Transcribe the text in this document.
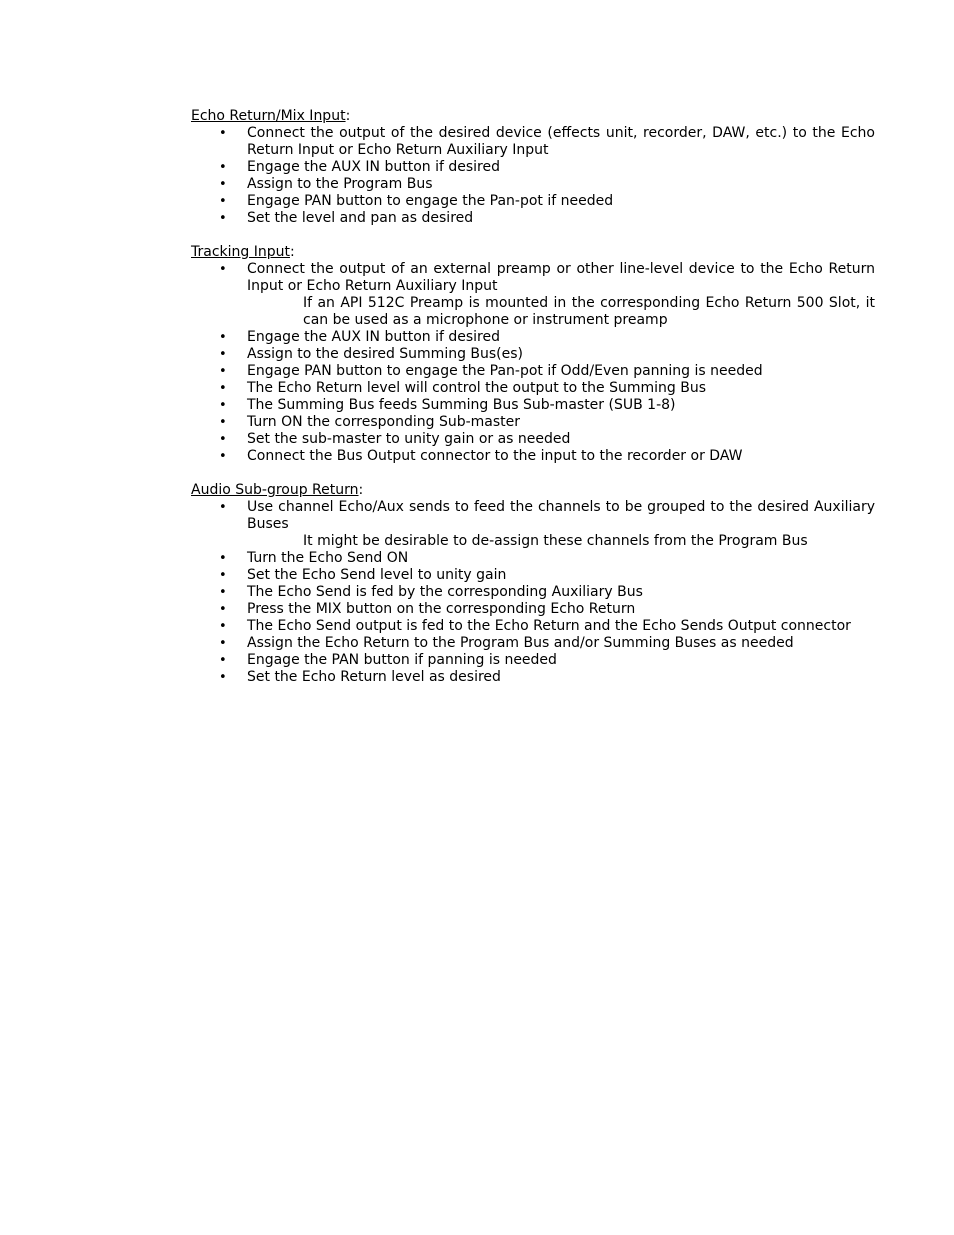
Echo Return/Mix Input:
• Connect the output of the desired device (effects unit, recorder, DAW, etc.) to the Echo Return Input or Echo Return Auxiliary Input
• Engage the AUX IN button if desired
• Assign to the Program Bus
• Engage PAN button to engage the Pan-pot if needed
• Set the level and pan as desired
Tracking Input:
• Connect the output of an external preamp or other line-level device to the Echo Return Input or Echo Return Auxiliary Input
If an API 512C Preamp is mounted in the corresponding Echo Return 500 Slot, it can be used as a microphone or instrument preamp
• Engage the AUX IN button if desired
• Assign to the desired Summing Bus(es)
• Engage PAN button to engage the Pan-pot if Odd/Even panning is needed
• The Echo Return level will control the output to the Summing Bus
• The Summing Bus feeds Summing Bus Sub-master (SUB 1-8)
• Turn ON the corresponding Sub-master
• Set the sub-master to unity gain or as needed
• Connect the Bus Output connector to the input to the recorder or DAW
Audio Sub-group Return:
• Use channel Echo/Aux sends to feed the channels to be grouped to the desired Auxiliary Buses
It might be desirable to de-assign these channels from the Program Bus
• Turn the Echo Send ON
• Set the Echo Send level to unity gain
• The Echo Send is fed by the corresponding Auxiliary Bus
• Press the MIX button on the corresponding Echo Return
• The Echo Send output is fed to the Echo Return and the Echo Sends Output connector
• Assign the Echo Return to the Program Bus and/or Summing Buses as needed
• Engage the PAN button if panning is needed
• Set the Echo Return level as desired
